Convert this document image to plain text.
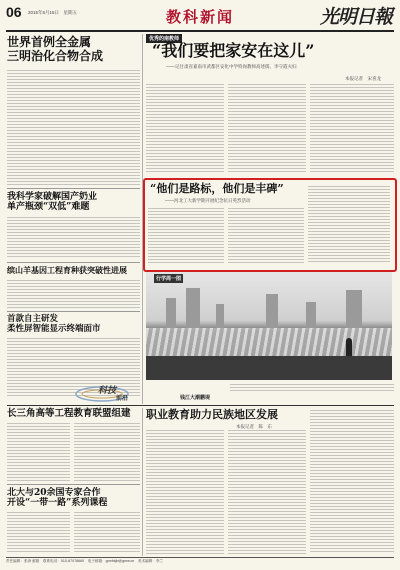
06 2015年5月15日　星期五	教科新闻	光明日報
世界首例全金属
三明治化合物合成
我科学家破解国产奶业
单产瓶颈“双低”难题
缤山羊基因工程育种获突破性进展
首款自主研发
柔性屏智能显示终端面市
科技
前沿
优秀的南教师
“我们要把家安在这儿”
——记甘肃省嘉南市武都区安化中学特岗教师高述儒、李守霞夫妇
本报记者　宋喜龙
“他们是路标，他们是丰碑”
——河北工大新学期开展纪念抗日英烈活动
行学周一图
钱江大潮鹏堤
长三角高等工程教育联盟组建
北大与20余国专家合作
开设“一带一路”系列课程
职业教育助力民族地区发展
本报记者　陈　东
责任编辑：张涛 邮箱　联系电话：010-67078660　电子邮箱：gmrbkjb@gmw.cn　美术编辑：李兰
